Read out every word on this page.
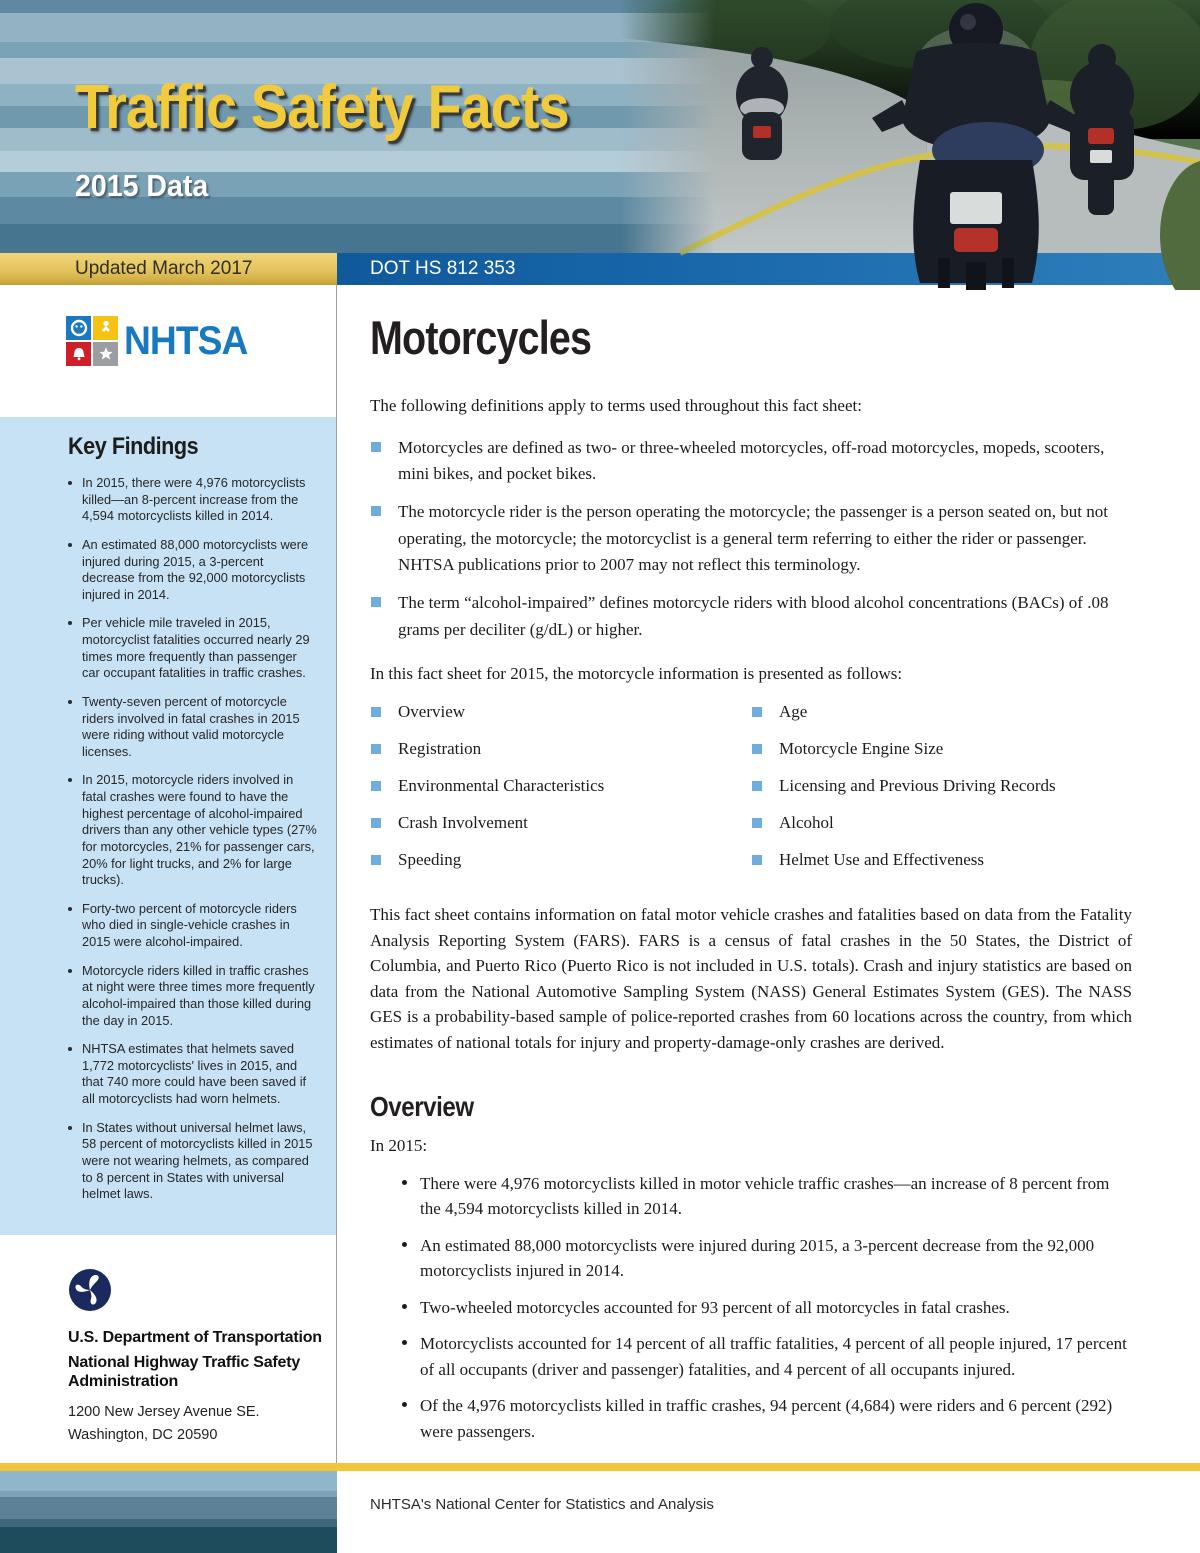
Traffic Safety Facts
2015 Data
Updated March 2017	DOT HS 812 353
NHTSA
Key Findings
In 2015, there were 4,976 motorcyclists killed—an 8-percent increase from the 4,594 motorcyclists killed in 2014.
An estimated 88,000 motorcyclists were injured during 2015, a 3-percent decrease from the 92,000 motorcyclists injured in 2014.
Per vehicle mile traveled in 2015, motorcyclist fatalities occurred nearly 29 times more frequently than passenger car occupant fatalities in traffic crashes.
Twenty-seven percent of motorcycle riders involved in fatal crashes in 2015 were riding without valid motorcycle licenses.
In 2015, motorcycle riders involved in fatal crashes were found to have the highest percentage of alcohol-impaired drivers than any other vehicle types (27% for motorcycles, 21% for passenger cars, 20% for light trucks, and 2% for large trucks).
Forty-two percent of motorcycle riders who died in single-vehicle crashes in 2015 were alcohol-impaired.
Motorcycle riders killed in traffic crashes at night were three times more frequently alcohol-impaired than those killed during the day in 2015.
NHTSA estimates that helmets saved 1,772 motorcyclists' lives in 2015, and that 740 more could have been saved if all motorcyclists had worn helmets.
In States without universal helmet laws, 58 percent of motorcyclists killed in 2015 were not wearing helmets, as compared to 8 percent in States with universal helmet laws.
U.S. Department of Transportation
National Highway Traffic Safety Administration
1200 New Jersey Avenue SE.
Washington, DC 20590
Motorcycles
The following definitions apply to terms used throughout this fact sheet:
Motorcycles are defined as two- or three-wheeled motorcycles, off-road motorcycles, mopeds, scooters, mini bikes, and pocket bikes.
The motorcycle rider is the person operating the motorcycle; the passenger is a person seated on, but not operating, the motorcycle; the motorcyclist is a general term referring to either the rider or passenger. NHTSA publications prior to 2007 may not reflect this terminology.
The term “alcohol-impaired” defines motorcycle riders with blood alcohol concentrations (BACs) of .08 grams per deciliter (g/dL) or higher.
In this fact sheet for 2015, the motorcycle information is presented as follows:
Overview
Registration
Environmental Characteristics
Crash Involvement
Speeding
Age
Motorcycle Engine Size
Licensing and Previous Driving Records
Alcohol
Helmet Use and Effectiveness
This fact sheet contains information on fatal motor vehicle crashes and fatalities based on data from the Fatality Analysis Reporting System (FARS). FARS is a census of fatal crashes in the 50 States, the District of Columbia, and Puerto Rico (Puerto Rico is not included in U.S. totals). Crash and injury statistics are based on data from the National Automotive Sampling System (NASS) General Estimates System (GES). The NASS GES is a probability-based sample of police-reported crashes from 60 locations across the country, from which estimates of national totals for injury and property-damage-only crashes are derived.
Overview
In 2015:
There were 4,976 motorcyclists killed in motor vehicle traffic crashes—an increase of 8 percent from the 4,594 motorcyclists killed in 2014.
An estimated 88,000 motorcyclists were injured during 2015, a 3-percent decrease from the 92,000 motorcyclists injured in 2014.
Two-wheeled motorcycles accounted for 93 percent of all motorcycles in fatal crashes.
Motorcyclists accounted for 14 percent of all traffic fatalities, 4 percent of all people injured, 17 percent of all occupants (driver and passenger) fatalities, and 4 percent of all occupants injured.
Of the 4,976 motorcyclists killed in traffic crashes, 94 percent (4,684) were riders and 6 percent (292) were passengers.
NHTSA's National Center for Statistics and Analysis
